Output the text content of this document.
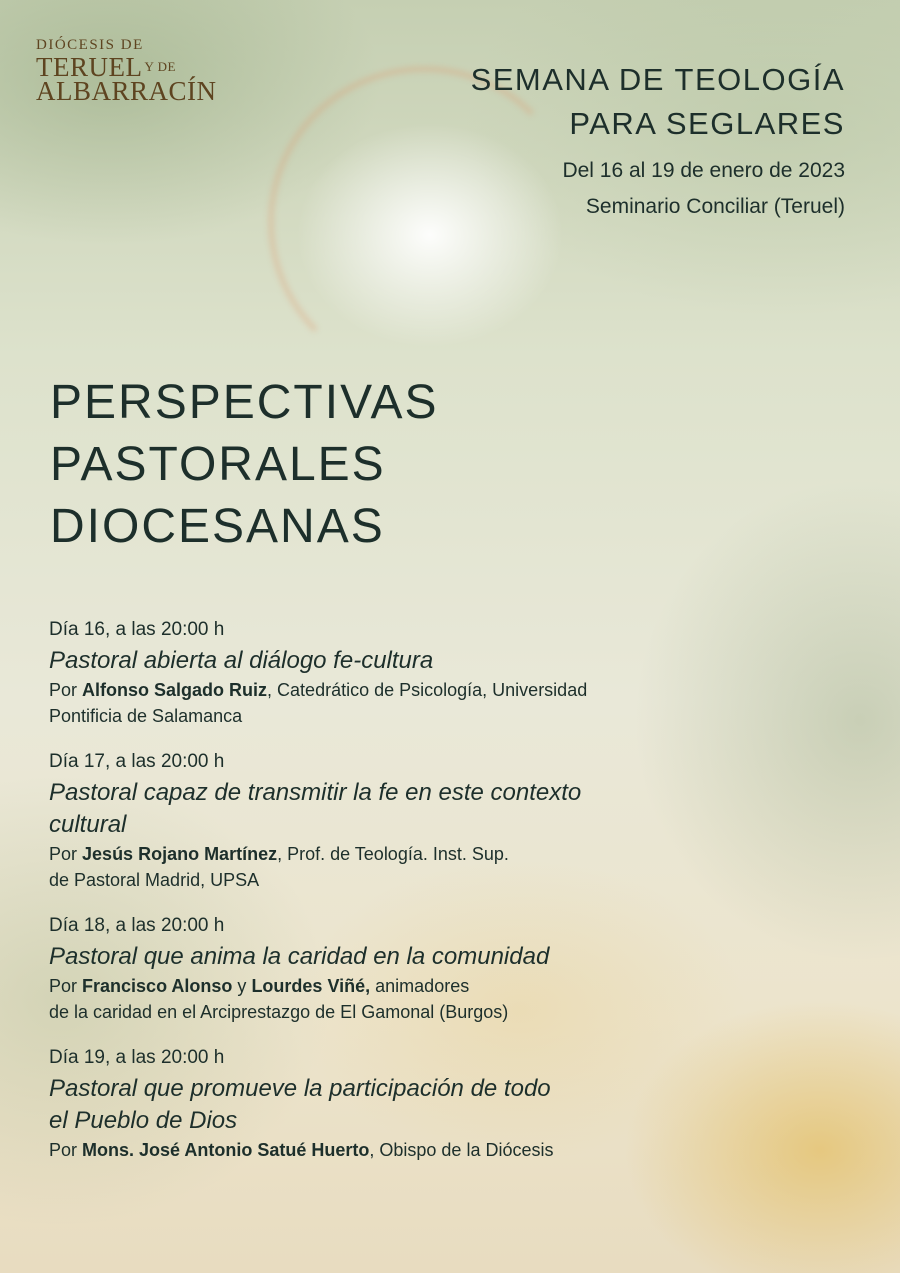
DIÓCESIS DE
TERUEL Y DE
ALBARRACÍN	SEMANA DE TEOLOGÍA
PARA SEGLARES
Del 16 al 19 de enero de 2023
Seminario Conciliar (Teruel)
PERSPECTIVAS
PASTORALES
DIOCESANAS
Día 16, a las 20:00 h
Pastoral abierta al diálogo fe-cultura
Por Alfonso Salgado Ruiz, Catedrático de Psicología, Universidad
Pontificia de Salamanca
Día 17, a las 20:00 h
Pastoral capaz de transmitir la fe en este contexto
cultural
Por Jesús Rojano Martínez, Prof. de Teología. Inst. Sup.
de Pastoral Madrid, UPSA
Día 18, a las 20:00 h
Pastoral que anima la caridad en la comunidad
Por Francisco Alonso y Lourdes Viñé, animadores
de la caridad en el Arciprestazgo de El Gamonal (Burgos)
Día 19, a las 20:00 h
Pastoral que promueve la participación de todo
el Pueblo de Dios
Por Mons. José Antonio Satué Huerto, Obispo de la Diócesis
